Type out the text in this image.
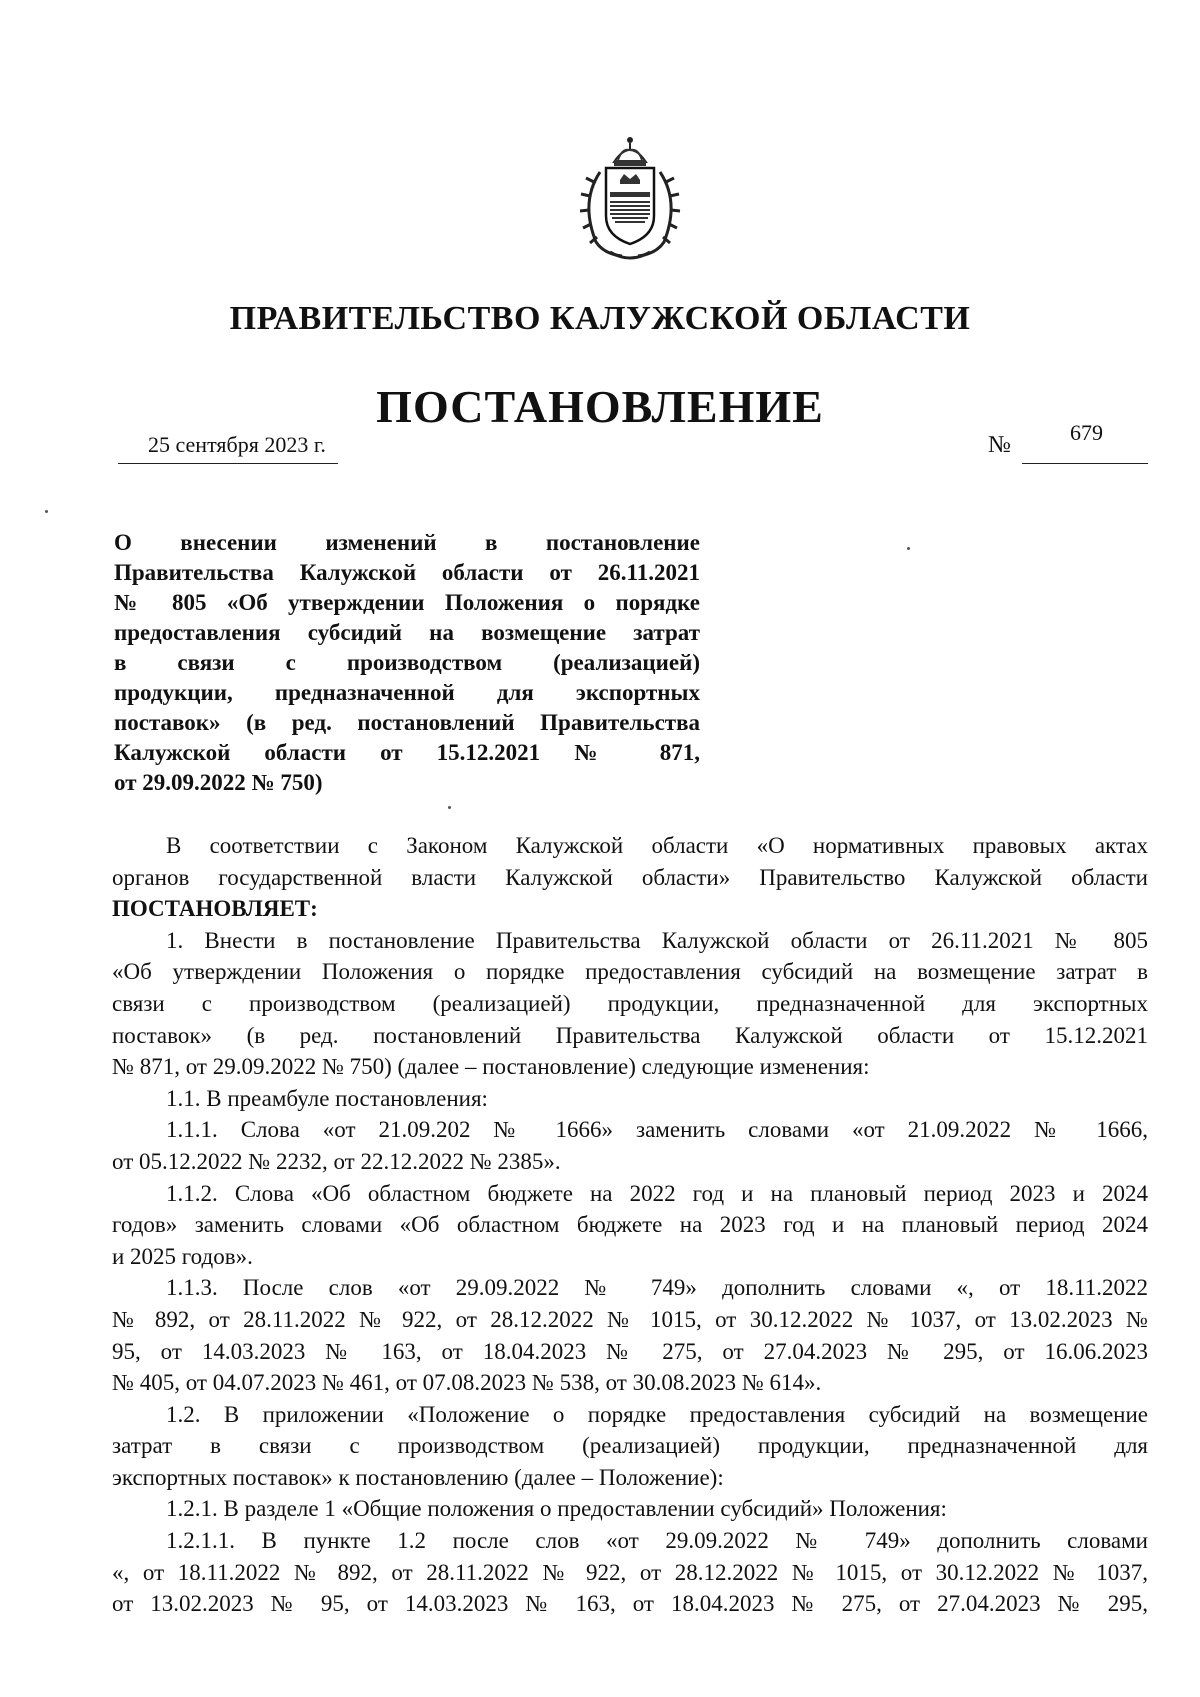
ПРАВИТЕЛЬСТВО КАЛУЖСКОЙ ОБЛАСТИ
ПОСТАНОВЛЕНИЕ
25 сентября 2023 г.	№	679
О внесении изменений в постановление
Правительства Калужской области от 26.11.2021
№ 805 «Об утверждении Положения о порядке
предоставления субсидий на возмещение затрат
в связи с производством (реализацией)
продукции, предназначенной для экспортных
поставок» (в ред. постановлений Правительства
Калужской области от 15.12.2021 № 871,
от 29.09.2022 № 750)
В соответствии с Законом Калужской области «О нормативных правовых актах
органов государственной власти Калужской области» Правительство Калужской области
ПОСТАНОВЛЯЕТ:
1. Внести в постановление Правительства Калужской области от 26.11.2021 № 805
«Об утверждении Положения о порядке предоставления субсидий на возмещение затрат в
связи с производством (реализацией) продукции, предназначенной для экспортных
поставок» (в ред. постановлений Правительства Калужской области от 15.12.2021
№ 871, от 29.09.2022 № 750) (далее – постановление) следующие изменения:
1.1. В преамбуле постановления:
1.1.1. Слова «от 21.09.202 № 1666» заменить словами «от 21.09.2022 № 1666,
от 05.12.2022 № 2232, от 22.12.2022 № 2385».
1.1.2. Слова «Об областном бюджете на 2022 год и на плановый период 2023 и 2024
годов» заменить словами «Об областном бюджете на 2023 год и на плановый период 2024
и 2025 годов».
1.1.3. После слов «от 29.09.2022 № 749» дополнить словами «, от 18.11.2022
№ 892, от 28.11.2022 № 922, от 28.12.2022 № 1015, от 30.12.2022 № 1037, от 13.02.2023 №
95, от 14.03.2023 № 163, от 18.04.2023 № 275, от 27.04.2023 № 295, от 16.06.2023
№ 405, от 04.07.2023 № 461, от 07.08.2023 № 538, от 30.08.2023 № 614».
1.2. В приложении «Положение о порядке предоставления субсидий на возмещение
затрат в связи с производством (реализацией) продукции, предназначенной для
экспортных поставок» к постановлению (далее – Положение):
1.2.1. В разделе 1 «Общие положения о предоставлении субсидий» Положения:
1.2.1.1. В пункте 1.2 после слов «от 29.09.2022 № 749» дополнить словами
«, от 18.11.2022 № 892, от 28.11.2022 № 922, от 28.12.2022 № 1015, от 30.12.2022 № 1037,
от 13.02.2023 № 95, от 14.03.2023 № 163, от 18.04.2023 № 275, от 27.04.2023 № 295,
